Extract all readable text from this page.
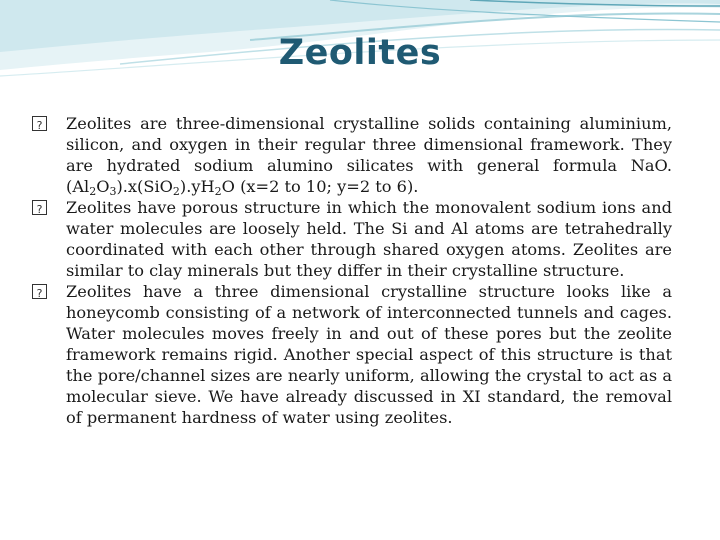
Zeolites

?
Zeolites are three-dimensional crystalline solids containing aluminium, silicon, and oxygen in their regular three dimensional framework. They are hydrated sodium alumino silicates with general formula $NaO.(Al_2O_3).x(SiO_2).yH_2O$ (x=2 to 10; y=2 to 6).

?
Zeolites have porous structure in which the monovalent sodium ions and water molecules are loosely held. The Si and Al atoms are tetrahedrally coordinated with each other through shared oxygen atoms. Zeolites are similar to clay minerals but they differ in their crystalline structure.

?
Zeolites have a three dimensional crystalline structure looks like a honeycomb consisting of a network of interconnected tunnels and cages. Water molecules moves freely in and out of these pores but the zeolite framework remains rigid. Another special aspect of this structure is that the pore/channel sizes are nearly uniform, allowing the crystal to act as a molecular sieve. We have already discussed in XI standard, the removal of permanent hardness of water using zeolites.
